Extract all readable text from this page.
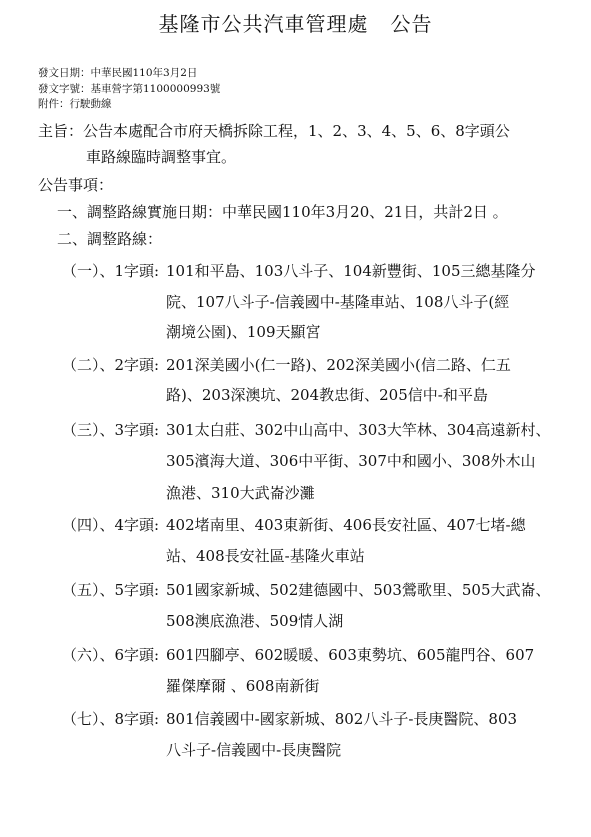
基隆市公共汽車管理處 公告
發文日期：中華民國110年3月2日
發文字號：基車營字第1100000993號
附件：行駛動線
主旨：公告本處配合市府天橋拆除工程，1、2、3、4、5、6、8字頭公
車路線臨時調整事宜。
公告事項：
一、調整路線實施日期：中華民國110年3月20、21日，共計2日 。
二、調整路線：
（一）、1字頭: 101和平島、103八斗子、104新豐街、105三總基隆分
院、107八斗子-信義國中-基隆車站、108八斗子(經
潮境公園)、109天顯宮
（二）、2字頭: 201深美國小(仁一路)、202深美國小(信二路、仁五
路)、203深澳坑、204教忠街、205信中-和平島
（三）、3字頭: 301太白莊、302中山高中、303大竿林、304高遠新村、
305濱海大道、306中平街、307中和國小、308外木山
漁港、310大武崙沙灘
（四）、4字頭: 402堵南里、403東新街、406長安社區、407七堵-總
站、408長安社區-基隆火車站
（五）、5字頭: 501國家新城、502建德國中、503鶯歌里、505大武崙、
508澳底漁港、509情人湖
（六）、6字頭: 601四腳亭、602暖暖、603東勢坑、605龍門谷、607
羅傑摩爾 、608南新街
（七）、8字頭: 801信義國中-國家新城、802八斗子-長庚醫院、803
八斗子-信義國中-長庚醫院
